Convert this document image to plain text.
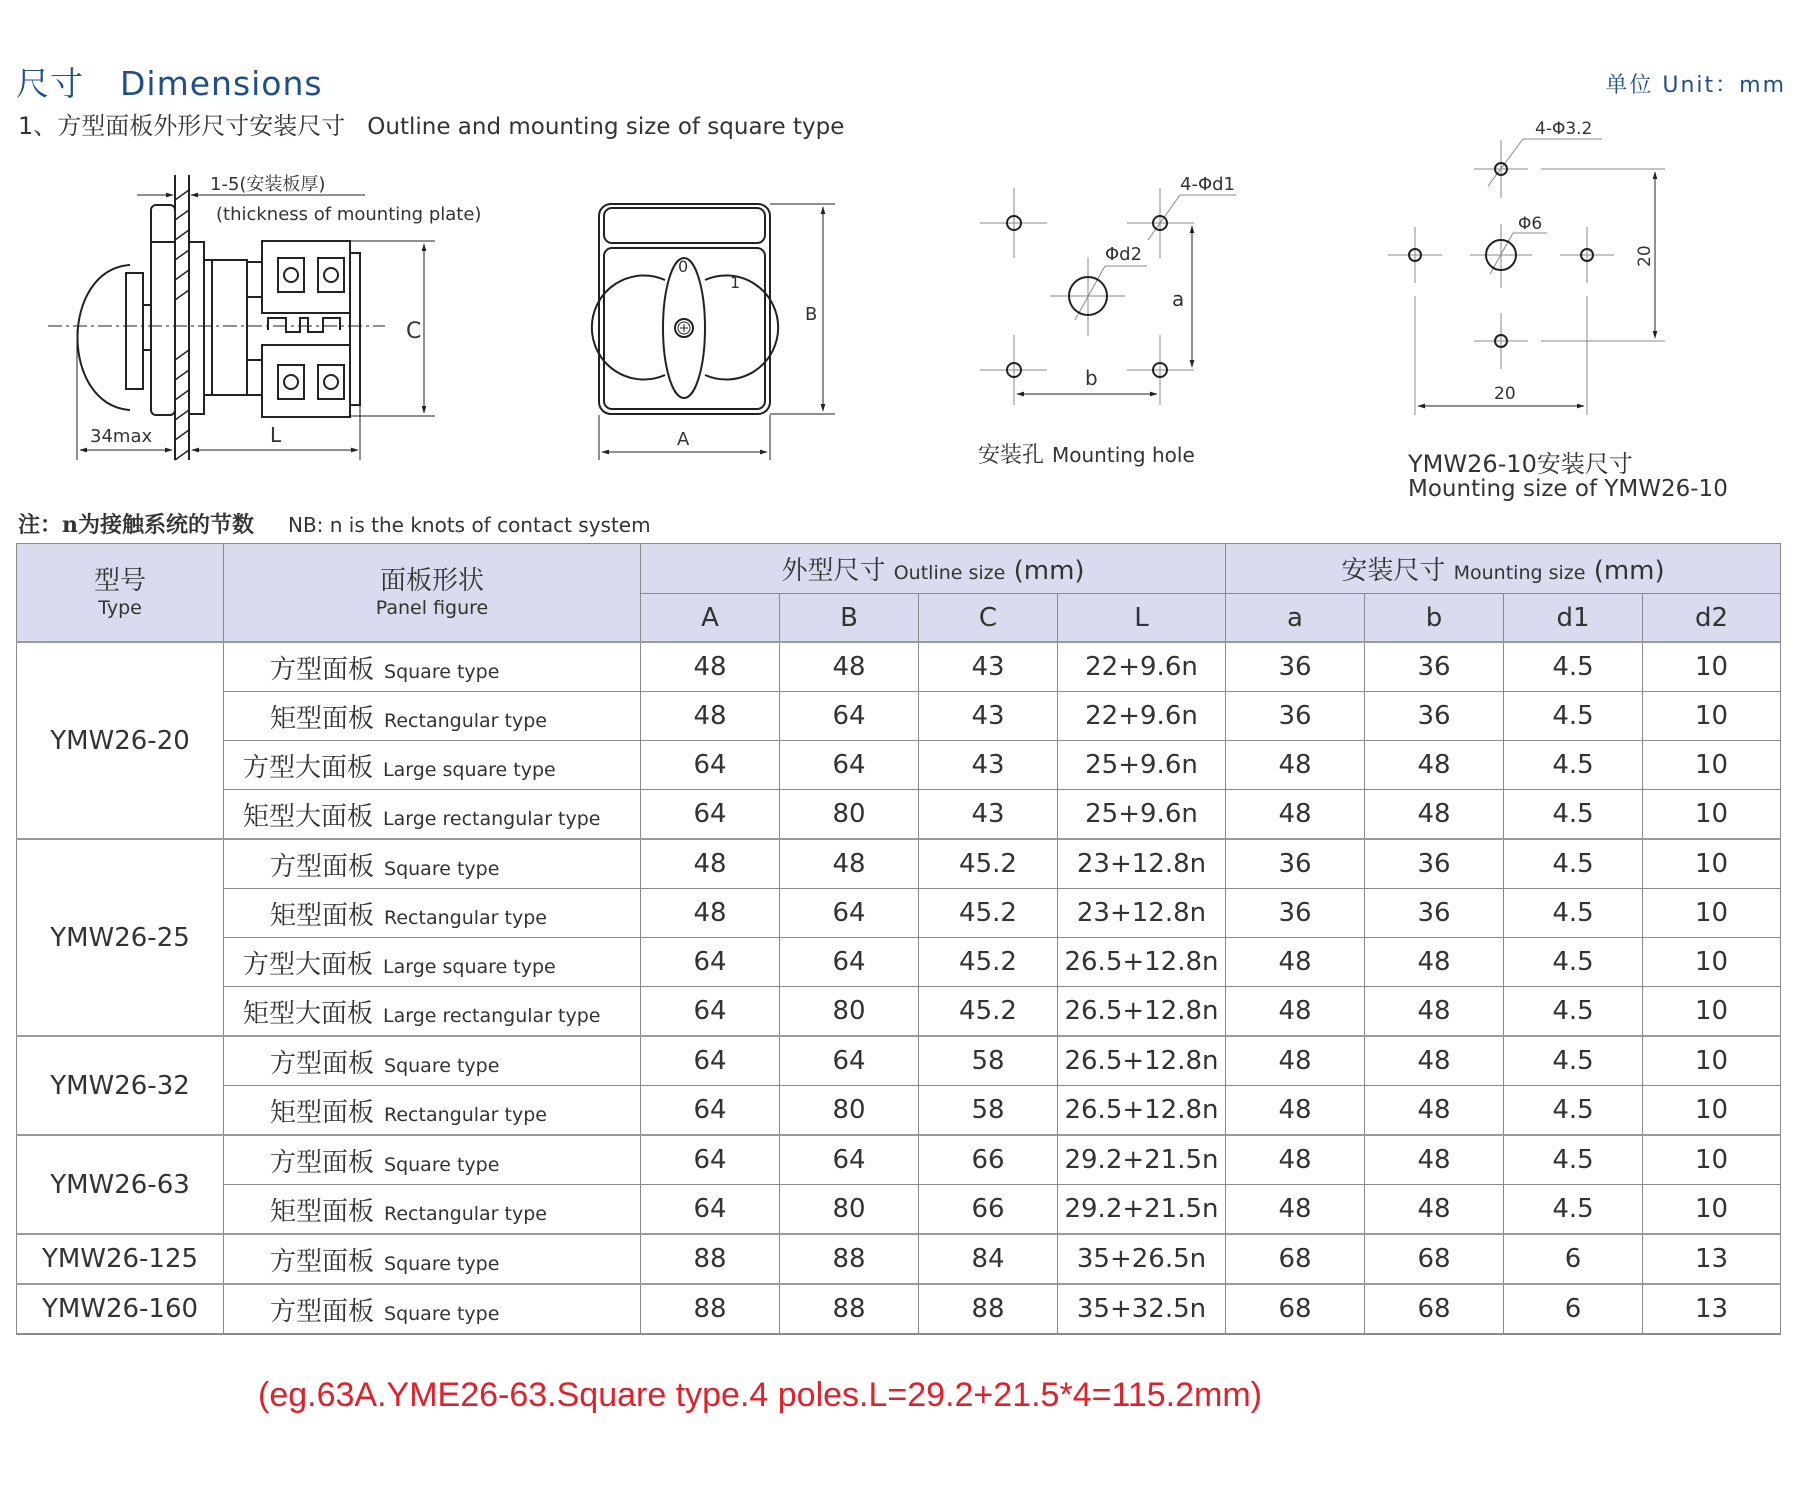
尺寸 Dimensions	单位 Unit：mm
1、方型面板外形尺寸安装尺寸 Outline and mounting size of square type
1-5(安装板厚)
(thickness of mounting plate)
34max	L
C
0
1
B
A
4-Φd1
Φd2
a
b
安装孔 Mounting hole
4-Φ3.2
Φ6
20
20
YMW26-10安装尺寸
Mounting size of YMW26-10
注：n为接触系统的节数 NB: n is the knots of contact system
型号
Type	面板形状
Panel figure	外型尺寸 Outline size (mm)				安装尺寸 Mounting size (mm)			
		A	B	C	L	a	b	d1	d2
YMW26-20	方型面板 Square type	48	48	43	22+9.6n	36	36	4.5	10
	矩型面板 Rectangular type	48	64	43	22+9.6n	36	36	4.5	10
	方型大面板 Large square type	64	64	43	25+9.6n	48	48	4.5	10
	矩型大面板 Large rectangular type	64	80	43	25+9.6n	48	48	4.5	10
YMW26-25	方型面板 Square type	48	48	45.2	23+12.8n	36	36	4.5	10
	矩型面板 Rectangular type	48	64	45.2	23+12.8n	36	36	4.5	10
	方型大面板 Large square type	64	64	45.2	26.5+12.8n	48	48	4.5	10
	矩型大面板 Large rectangular type	64	80	45.2	26.5+12.8n	48	48	4.5	10
YMW26-32	方型面板 Square type	64	64	58	26.5+12.8n	48	48	4.5	10
	矩型面板 Rectangular type	64	80	58	26.5+12.8n	48	48	4.5	10
YMW26-63	方型面板 Square type	64	64	66	29.2+21.5n	48	48	4.5	10
	矩型面板 Rectangular type	64	80	66	29.2+21.5n	48	48	4.5	10
YMW26-125	方型面板 Square type	88	88	84	35+26.5n	68	68	6	13
YMW26-160	方型面板 Square type	88	88	88	35+32.5n	68	68	6	13
(eg.63A.YME26-63.Square type.4 poles.L=29.2+21.5*4=115.2mm)
